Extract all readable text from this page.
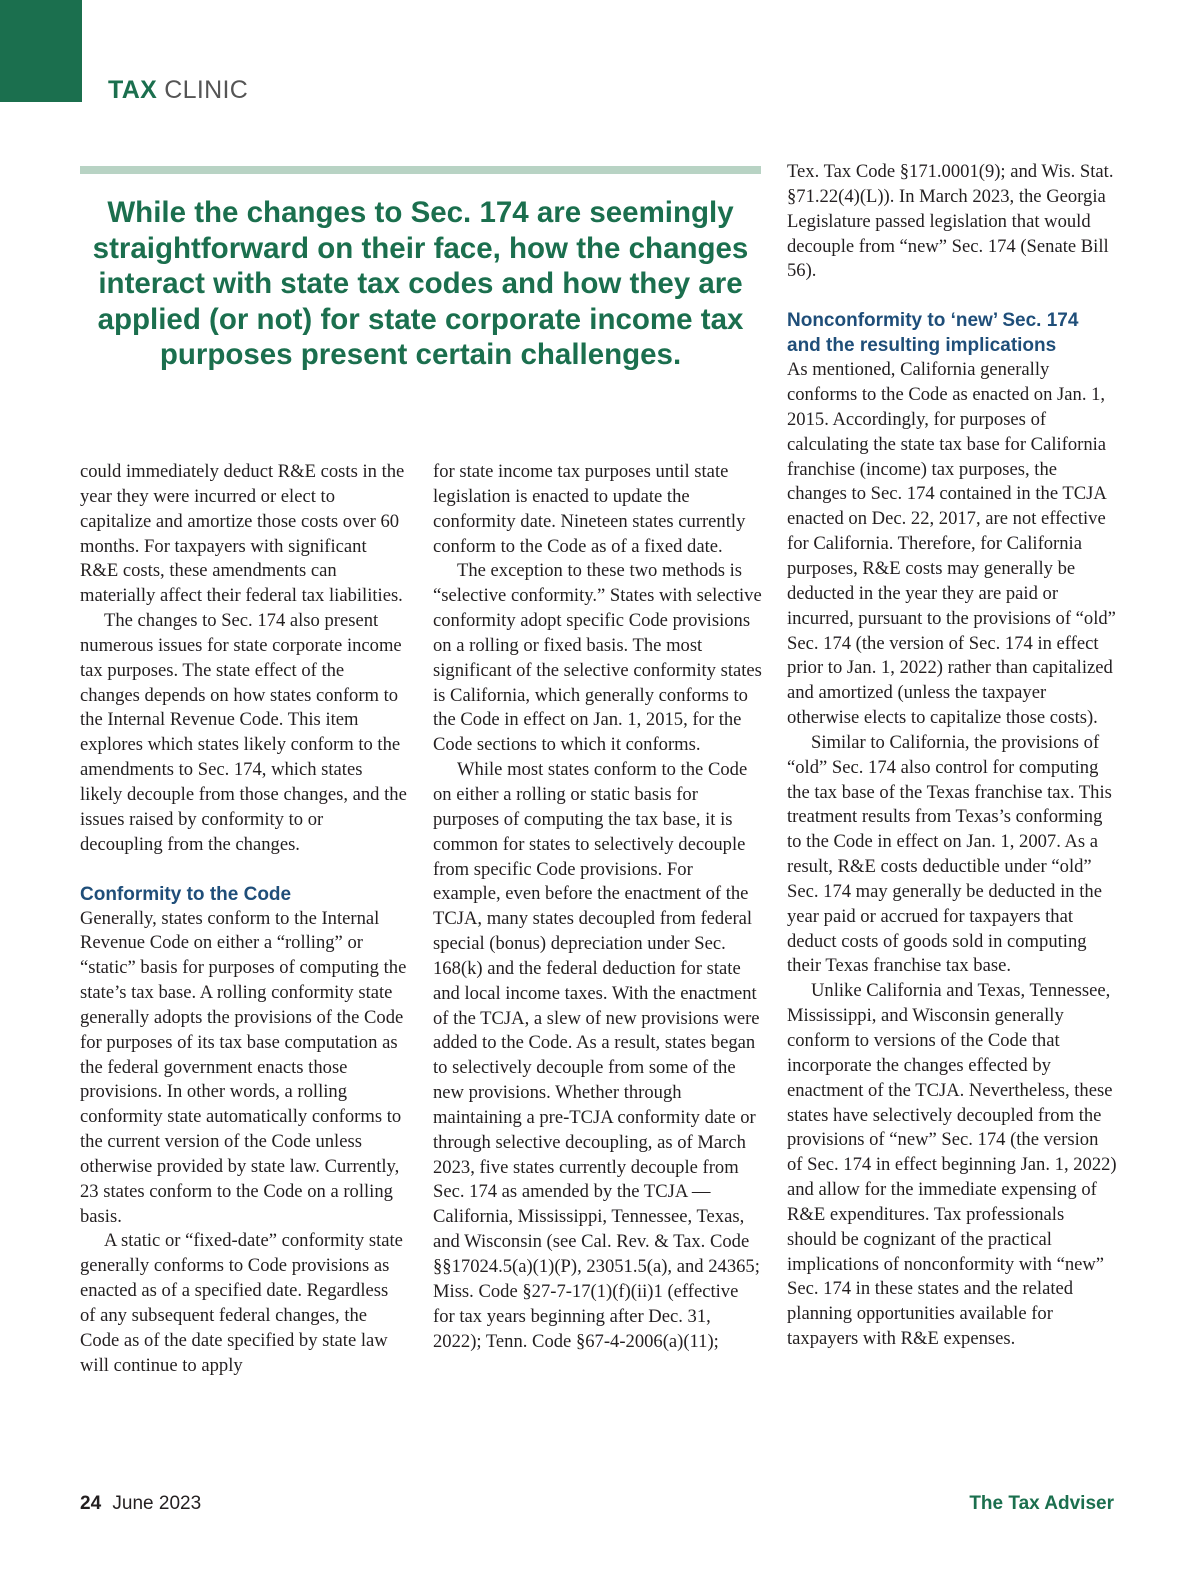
TAX CLINIC

While the changes to Sec. 174 are seemingly straightforward on their face, how the changes interact with state tax codes and how they are applied (or not) for state corporate income tax purposes present certain challenges.

could immediately deduct R&E costs in the year they were incurred or elect to capitalize and amortize those costs over 60 months. For taxpayers with significant R&E costs, these amendments can materially affect their federal tax liabilities.

The changes to Sec. 174 also present numerous issues for state corporate income tax purposes. The state effect of the changes depends on how states conform to the Internal Revenue Code. This item explores which states likely conform to the amendments to Sec. 174, which states likely decouple from those changes, and the issues raised by conformity to or decoupling from the changes.

Conformity to the Code

Generally, states conform to the Internal Revenue Code on either a “rolling” or “static” basis for purposes of computing the state’s tax base. A rolling conformity state generally adopts the provisions of the Code for purposes of its tax base computation as the federal government enacts those provisions. In other words, a rolling conformity state automatically conforms to the current version of the Code unless otherwise provided by state law. Currently, 23 states conform to the Code on a rolling basis.

A static or “fixed-date” conformity state generally conforms to Code provisions as enacted as of a specified date. Regardless of any subsequent federal changes, the Code as of the date specified by state law will continue to apply

for state income tax purposes until state legislation is enacted to update the conformity date. Nineteen states currently conform to the Code as of a fixed date.

The exception to these two methods is “selective conformity.” States with selective conformity adopt specific Code provisions on a rolling or fixed basis. The most significant of the selective conformity states is California, which generally conforms to the Code in effect on Jan. 1, 2015, for the Code sections to which it conforms.

While most states conform to the Code on either a rolling or static basis for purposes of computing the tax base, it is common for states to selectively decouple from specific Code provisions. For example, even before the enactment of the TCJA, many states decoupled from federal special (bonus) depreciation under Sec. 168(k) and the federal deduction for state and local income taxes. With the enactment of the TCJA, a slew of new provisions were added to the Code. As a result, states began to selectively decouple from some of the new provisions. Whether through maintaining a pre-TCJA conformity date or through selective decoupling, as of March 2023, five states currently decouple from Sec. 174 as amended by the TCJA — California, Mississippi, Tennessee, Texas, and Wisconsin (see Cal. Rev. & Tax. Code §§17024.5(a)(1)(P), 23051.5(a), and 24365; Miss. Code §27-7-17(1)(f)(ii)1 (effective for tax years beginning after Dec. 31, 2022); Tenn. Code §67-4-2006(a)(11);

Tex. Tax Code §171.0001(9); and Wis. Stat. §71.22(4)(L)). In March 2023, the Georgia Legislature passed legislation that would decouple from “new” Sec. 174 (Senate Bill 56).

Nonconformity to ‘new’ Sec. 174 and the resulting implications

As mentioned, California generally conforms to the Code as enacted on Jan. 1, 2015. Accordingly, for purposes of calculating the state tax base for California franchise (income) tax purposes, the changes to Sec. 174 contained in the TCJA enacted on Dec. 22, 2017, are not effective for California. Therefore, for California purposes, R&E costs may generally be deducted in the year they are paid or incurred, pursuant to the provisions of “old” Sec. 174 (the version of Sec. 174 in effect prior to Jan. 1, 2022) rather than capitalized and amortized (unless the taxpayer otherwise elects to capitalize those costs).

Similar to California, the provisions of “old” Sec. 174 also control for computing the tax base of the Texas franchise tax. This treatment results from Texas’s conforming to the Code in effect on Jan. 1, 2007. As a result, R&E costs deductible under “old” Sec. 174 may generally be deducted in the year paid or accrued for taxpayers that deduct costs of goods sold in computing their Texas franchise tax base.

Unlike California and Texas, Tennessee, Mississippi, and Wisconsin generally conform to versions of the Code that incorporate the changes effected by enactment of the TCJA. Nevertheless, these states have selectively decoupled from the provisions of “new” Sec. 174 (the version of Sec. 174 in effect beginning Jan. 1, 2022) and allow for the immediate expensing of R&E expenditures. Tax professionals should be cognizant of the practical implications of nonconformity with “new” Sec. 174 in these states and the related planning opportunities available for taxpayers with R&E expenses.

24 June 2023	The Tax Adviser
